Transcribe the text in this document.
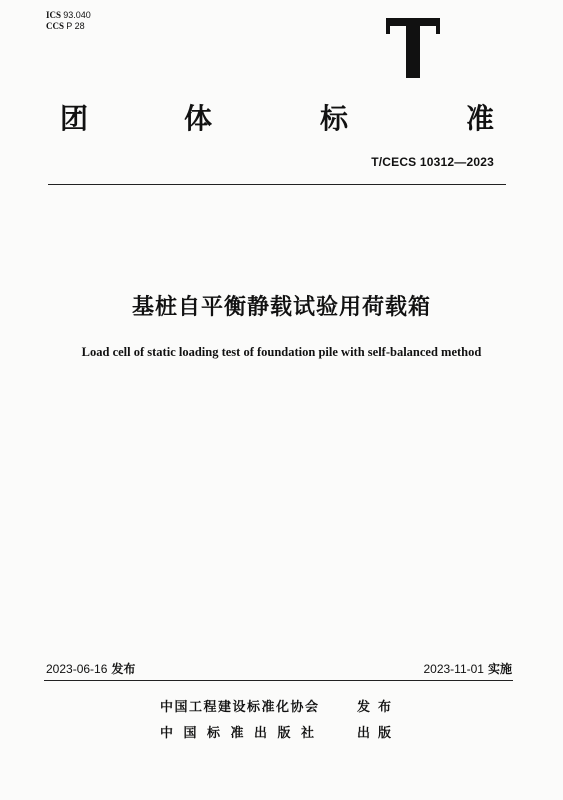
ICS 93.040
CCS P 28
T
团	体	标	准
T/CECS 10312—2023
基桩自平衡静载试验用荷载箱
Load cell of static loading test of foundation pile with self-balanced method
2023-06-16 发布	2023-11-01 实施
中国工程建设标准化协会	发布
中国标准出版社 出版
